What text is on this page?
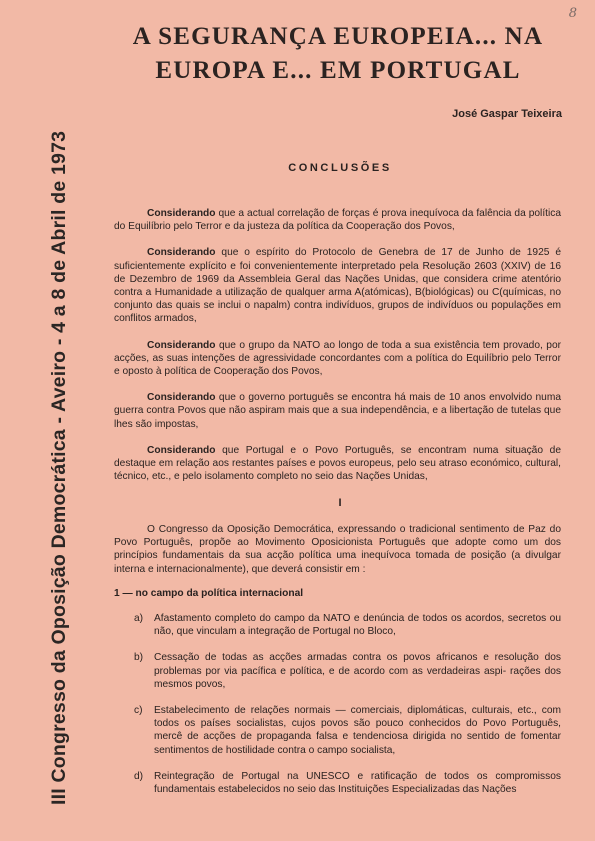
III Congresso da Oposição Democrática - Aveiro - 4 a 8 de Abril de 1973
8
A SEGURANÇA EUROPEIA... NA
EUROPA E... EM PORTUGAL
José Gaspar Teixeira
CONCLUSÕES

Considerando que a actual correlação de forças é prova inequívoca da falência da política do Equilíbrio pelo Terror e da justeza da política da Cooperação dos Povos,

Considerando que o espírito do Protocolo de Genebra de 17 de Junho de 1925 é suficientemente explícito e foi convenientemente interpretado pela Resolução 2603 (XXIV) de 16 de Dezembro de 1969 da Assembleia Geral das Nações Unidas, que considera crime atentório contra a Humanidade a utilização de qualquer arma A(atómicas), B(biológicas) ou C(químicas, no conjunto das quais se inclui o napalm) contra indivíduos, grupos de indivíduos ou populações em conflitos armados,

Considerando que o grupo da NATO ao longo de toda a sua existência tem provado, por acções, as suas intenções de agressividade concordantes com a política do Equilíbrio pelo Terror e oposto à política de Cooperação dos Povos,

Considerando que o governo português se encontra há mais de 10 anos envolvido numa guerra contra Povos que não aspiram mais que a sua independência, e a libertação de tutelas que lhes são impostas,

Considerando que Portugal e o Povo Português, se encontram numa situação de destaque em relação aos restantes países e povos europeus, pelo seu atraso económico, cultural, técnico, etc., e pelo isolamento completo no seio das Nações Unidas,

I

O Congresso da Oposição Democrática, expressando o tradicional sentimento de Paz do Povo Português, propõe ao Movimento Oposicionista Português que adopte como um dos princípios fundamentais da sua acção política uma inequívoca tomada de posição (a divulgar interna e internacionalmente), que deverá consistir em :

1 — no campo da política internacional
a) Afastamento completo do campo da NATO e denúncia de todos os acordos, secretos ou não, que vinculam a integração de Portugal no Bloco,
b) Cessação de todas as acções armadas contra os povos africanos e resolução dos problemas por via pacífica e política, e de acordo com as verdadeiras aspi- rações dos mesmos povos,
c) Estabelecimento de relações normais — comerciais, diplomáticas, culturais, etc., com todos os países socialistas, cujos povos são pouco conhecidos do Povo Português, mercê de acções de propaganda falsa e tendenciosa dirigida no sentido de fomentar sentimentos de hostilidade contra o campo socialista,
d) Reintegração de Portugal na UNESCO e ratificação de todos os compromissos fundamentais estabelecidos no seio das Instituições Especializadas das Nações
